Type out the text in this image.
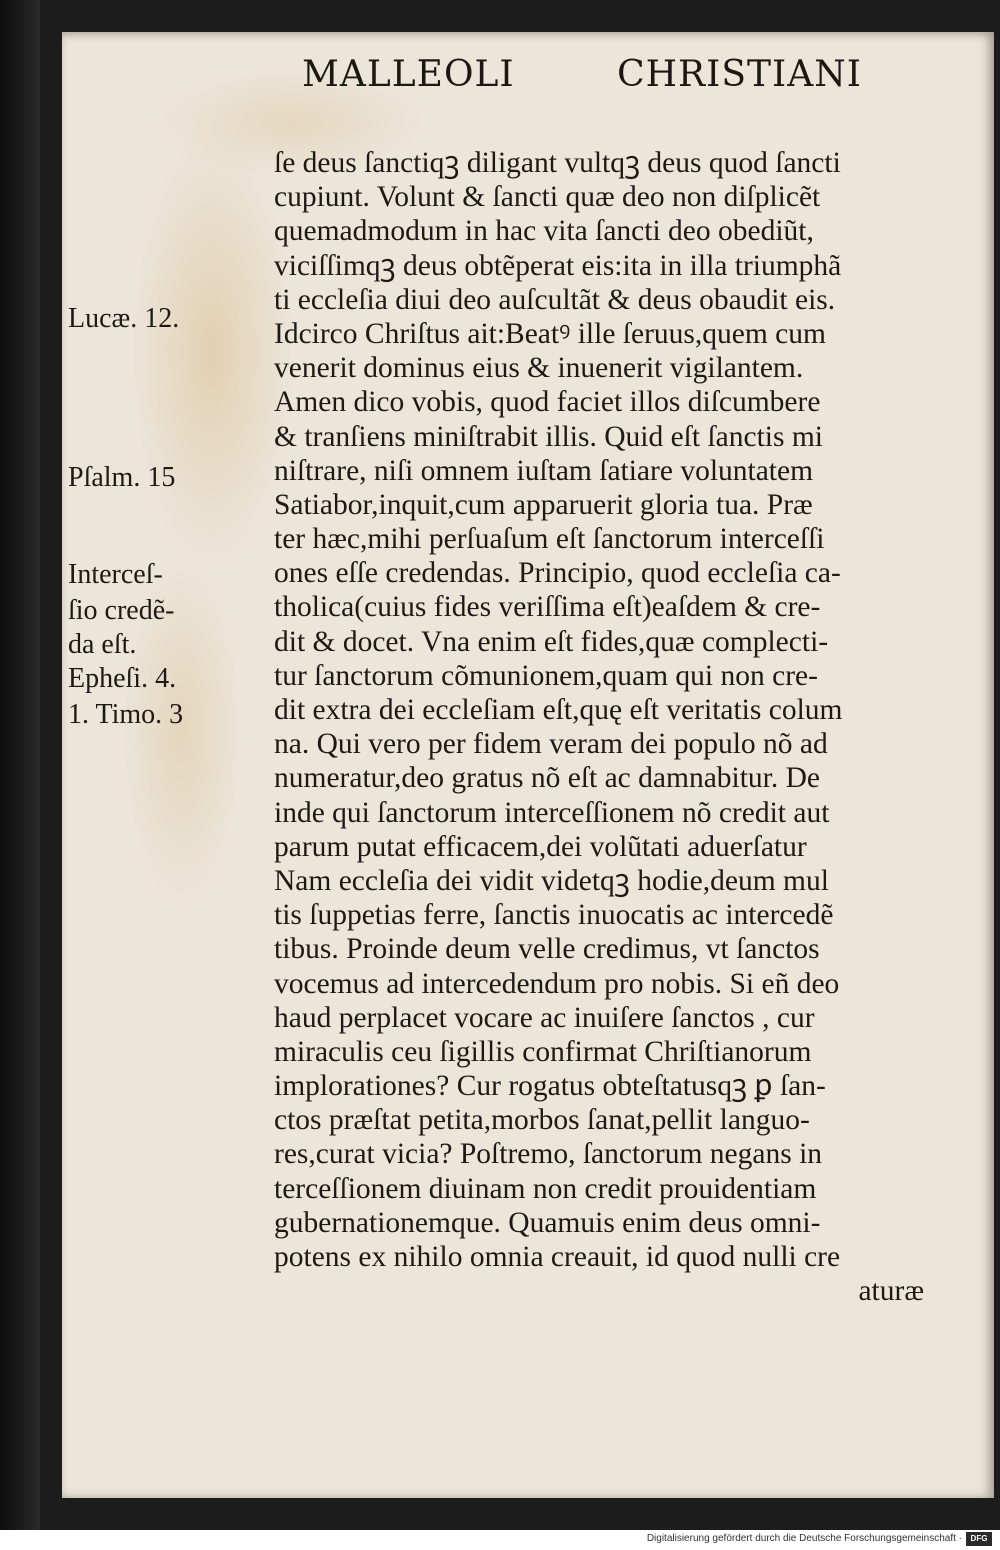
MALLEOLI	CHRISTIANI
ſe deus ſanctiqꝫ diligant vultqꝫ deus quod ſancti
cupiunt. Volunt & ſancti quæ deo non diſplicẽt
quemadmodum in hac vita ſancti deo obediũt,
viciſſimqꝫ deus obtẽperat eis:ita in illa triumphã
ti eccleſia diui deo auſcultãt & deus obaudit eis.
Idcirco Chriſtus ait:Beatꝰ ille ſeruus,quem cum
venerit dominus eius & inuenerit vigilantem.
Amen dico vobis, quod faciet illos diſcumbere
& tranſiens miniſtrabit illis. Quid eſt ſanctis mi
niſtrare, niſi omnem iuſtam ſatiare voluntatem
Satiabor,inquit,cum apparuerit gloria tua. Præ
ter hæc,mihi perſuaſum eſt ſanctorum interceſſi
ones eſſe credendas. Principio, quod eccleſia ca-
tholica(cuius fides veriſſima eſt)eaſdem & cre-
dit & docet. Vna enim eſt fides,quæ complecti-
tur ſanctorum cõmunionem,quam qui non cre-
dit extra dei eccleſiam eſt,quę eſt veritatis colum
na. Qui vero per fidem veram dei populo nõ ad
numeratur,deo gratus nõ eſt ac damnabitur. De
inde qui ſanctorum interceſſionem nõ credit aut
parum putat efficacem,dei volũtati aduerſatur
Nam eccleſia dei vidit videtqꝫ hodie,deum mul
tis ſuppetias ferre, ſanctis inuocatis ac intercedẽ
tibus. Proinde deum velle credimus, vt ſanctos
vocemus ad intercedendum pro nobis. Si eñ deo
haud perplacet vocare ac inuiſere ſanctos , cur
miraculis ceu ſigillis confirmat Chriſtianorum
implorationes? Cur rogatus obteſtatusqꝫ ꝑ ſan-
ctos præſtat petita,morbos ſanat,pellit languo-
res,curat vicia? Poſtremo, ſanctorum negans in
terceſſionem diuinam non credit prouidentiam
gubernationemque. Quamuis enim deus omni-
potens ex nihilo omnia creauit, id quod nulli cre
aturæ
Lucæ. 12.
Pſalm. 15
Interceſ-
ſio credẽ-
da eſt.
Epheſi. 4.
1. Timo. 3
Digitalisierung gefördert durch die Deutsche Forschungsgemeinschaft ·	DFG
